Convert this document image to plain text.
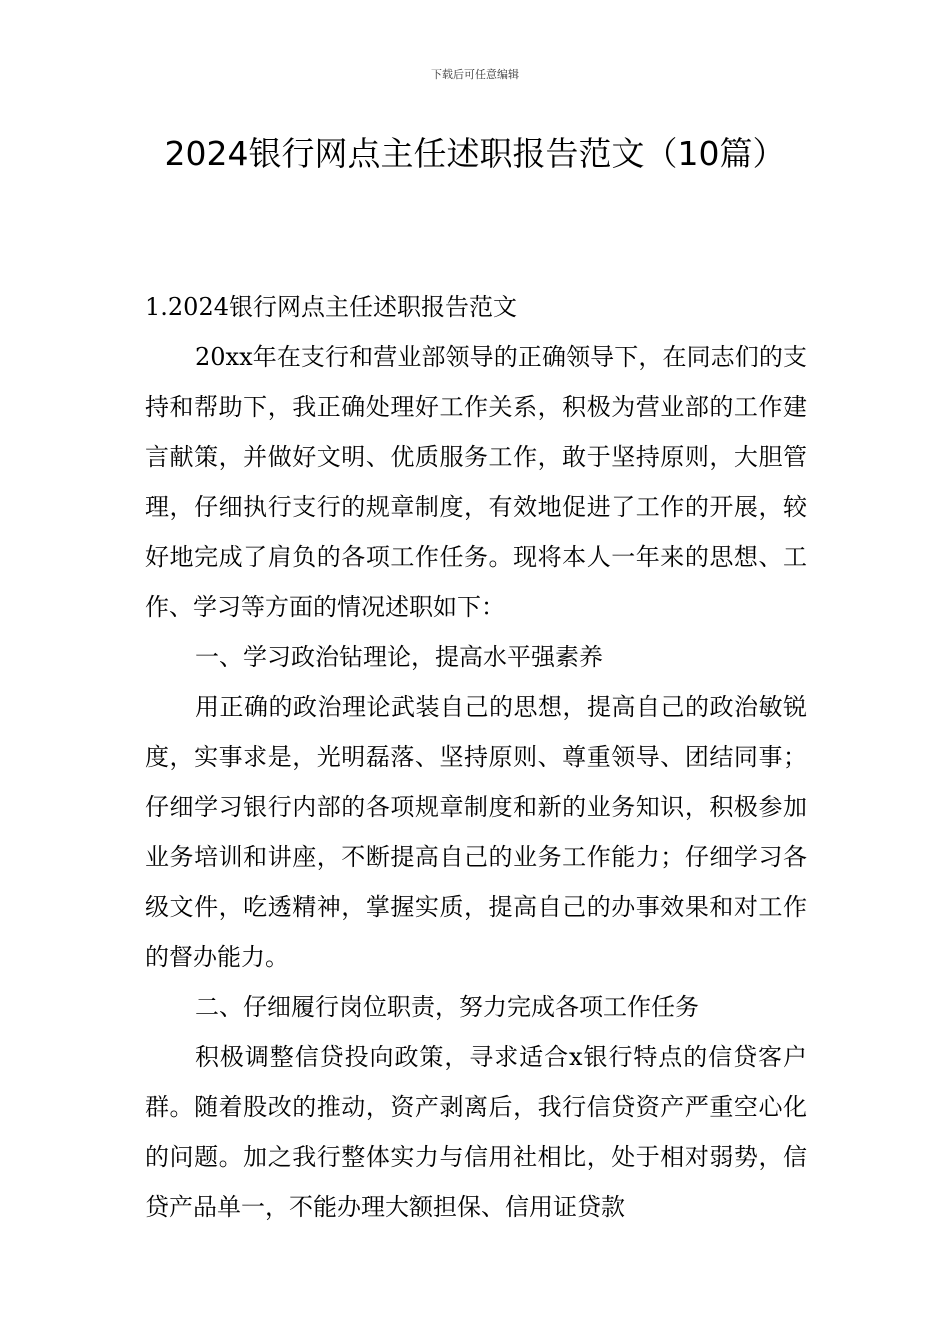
下载后可任意编辑
2024银行网点主任述职报告范文（10篇）

1.2024银行网点主任述职报告范文

20xx年在支行和营业部领导的正确领导下，在同志们的支持和帮助下，我正确处理好工作关系，积极为营业部的工作建言献策，并做好文明、优质服务工作，敢于坚持原则，大胆管理，仔细执行支行的规章制度，有效地促进了工作的开展，较好地完成了肩负的各项工作任务。现将本人一年来的思想、工作、学习等方面的情况述职如下：

一、学习政治钻理论，提高水平强素养

用正确的政治理论武装自己的思想，提高自己的政治敏锐度，实事求是，光明磊落、坚持原则、尊重领导、团结同事；仔细学习银行内部的各项规章制度和新的业务知识，积极参加业务培训和讲座，不断提高自己的业务工作能力；仔细学习各级文件，吃透精神，掌握实质，提高自己的办事效果和对工作的督办能力。

二、仔细履行岗位职责，努力完成各项工作任务

积极调整信贷投向政策，寻求适合x银行特点的信贷客户群。随着股改的推动，资产剥离后，我行信贷资产严重空心化的问题。加之我行整体实力与信用社相比，处于相对弱势，信贷产品单一，不能办理大额担保、信用证贷款
